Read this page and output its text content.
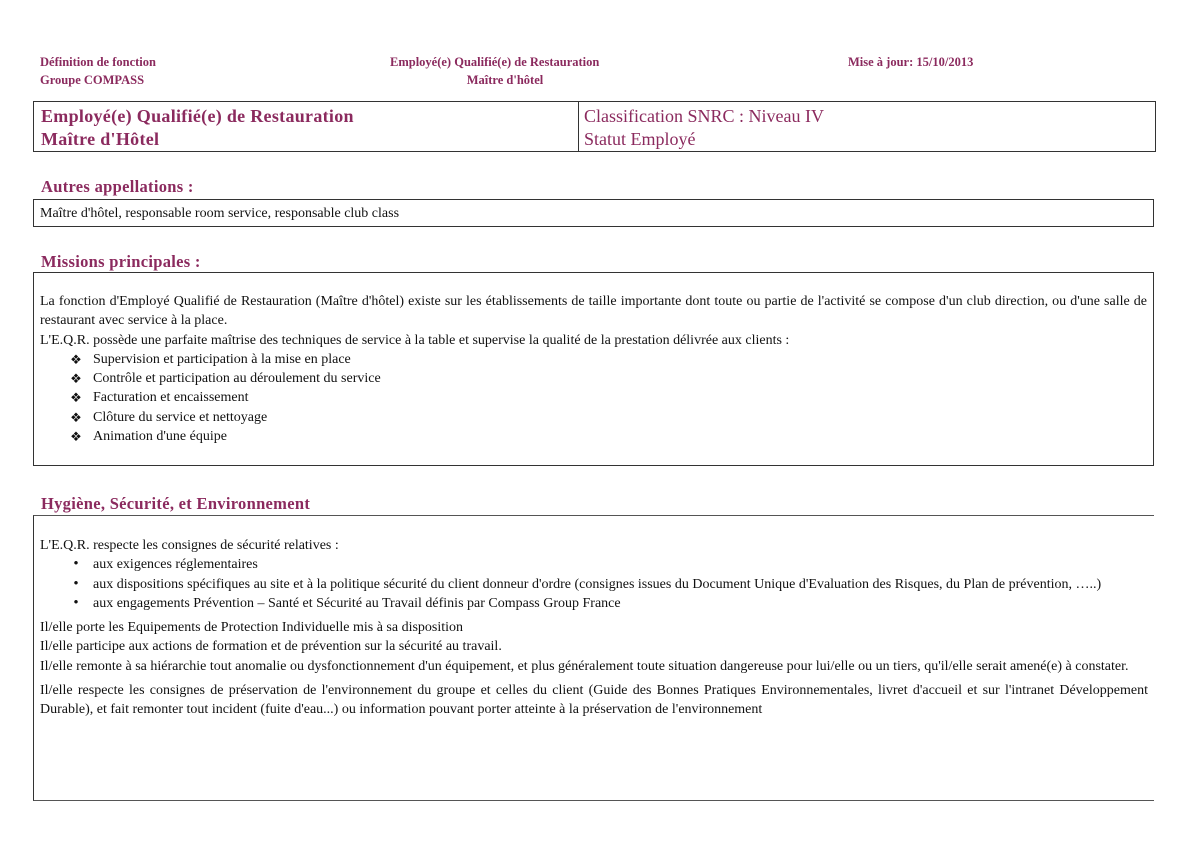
Définition de fonction
Groupe COMPASS
Employé(e) Qualifié(e) de Restauration
Maître d'hôtel
Mise à jour: 15/10/2013
Employé(e) Qualifié(e) de Restauration
Maître d'Hôtel
Classification SNRC : Niveau IV
Statut Employé
Autres appellations :
Maître d'hôtel, responsable room service, responsable club class
Missions principales :
La fonction d'Employé Qualifié de Restauration (Maître d'hôtel) existe sur les établissements de taille importante dont toute ou partie de l'activité se compose d'un club direction, ou d'une salle de restaurant avec service à la place.
L'E.Q.R. possède une parfaite maîtrise des techniques de service à la table et supervise la qualité de la prestation délivrée aux clients :
❖ Supervision et participation à la mise en place
❖ Contrôle et participation au déroulement du service
❖ Facturation et encaissement
❖ Clôture du service et nettoyage
❖ Animation d'une équipe
Hygiène, Sécurité, et Environnement
L'E.Q.R. respecte les consignes de sécurité relatives :
•	aux exigences réglementaires
•	aux dispositions spécifiques au site et à la politique sécurité du client donneur d'ordre (consignes issues du Document Unique d'Evaluation des Risques, du Plan de prévention, …..)
•	aux engagements Prévention – Santé et Sécurité au Travail définis par Compass Group France
Il/elle porte les Equipements de Protection Individuelle mis à sa disposition
Il/elle participe aux actions de formation et de prévention sur la sécurité au travail.
Il/elle remonte à sa hiérarchie tout anomalie ou dysfonctionnement d'un équipement, et plus généralement toute situation dangereuse pour lui/elle ou un tiers, qu'il/elle serait amené(e) à constater.
Il/elle respecte les consignes de préservation de l'environnement du groupe et celles du client (Guide des Bonnes Pratiques Environnementales, livret d'accueil et sur l'intranet Développement Durable), et fait remonter tout incident (fuite d'eau...) ou information pouvant porter atteinte à la préservation de l'environnement
